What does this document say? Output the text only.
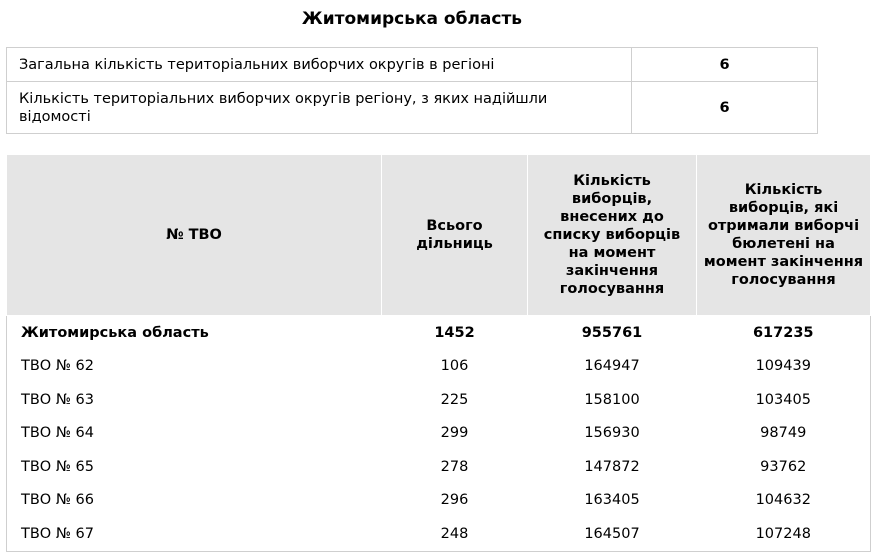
Житомирська область
Загальна кількість територіальних виборчих округів в регіоні	6
Кількість територіальних виборчих округів регіону, з яких надійшли відомості	6
№ ТВО	Всього дільниць	Кількість виборців, внесених до списку виборців на момент закінчення голосування	Кількість виборців, які отримали виборчі бюлетені на момент закінчення голосування
Житомирська область	1452	955761	617235
ТВО № 62	106	164947	109439
ТВО № 63	225	158100	103405
ТВО № 64	299	156930	98749
ТВО № 65	278	147872	93762
ТВО № 66	296	163405	104632
ТВО № 67	248	164507	107248
